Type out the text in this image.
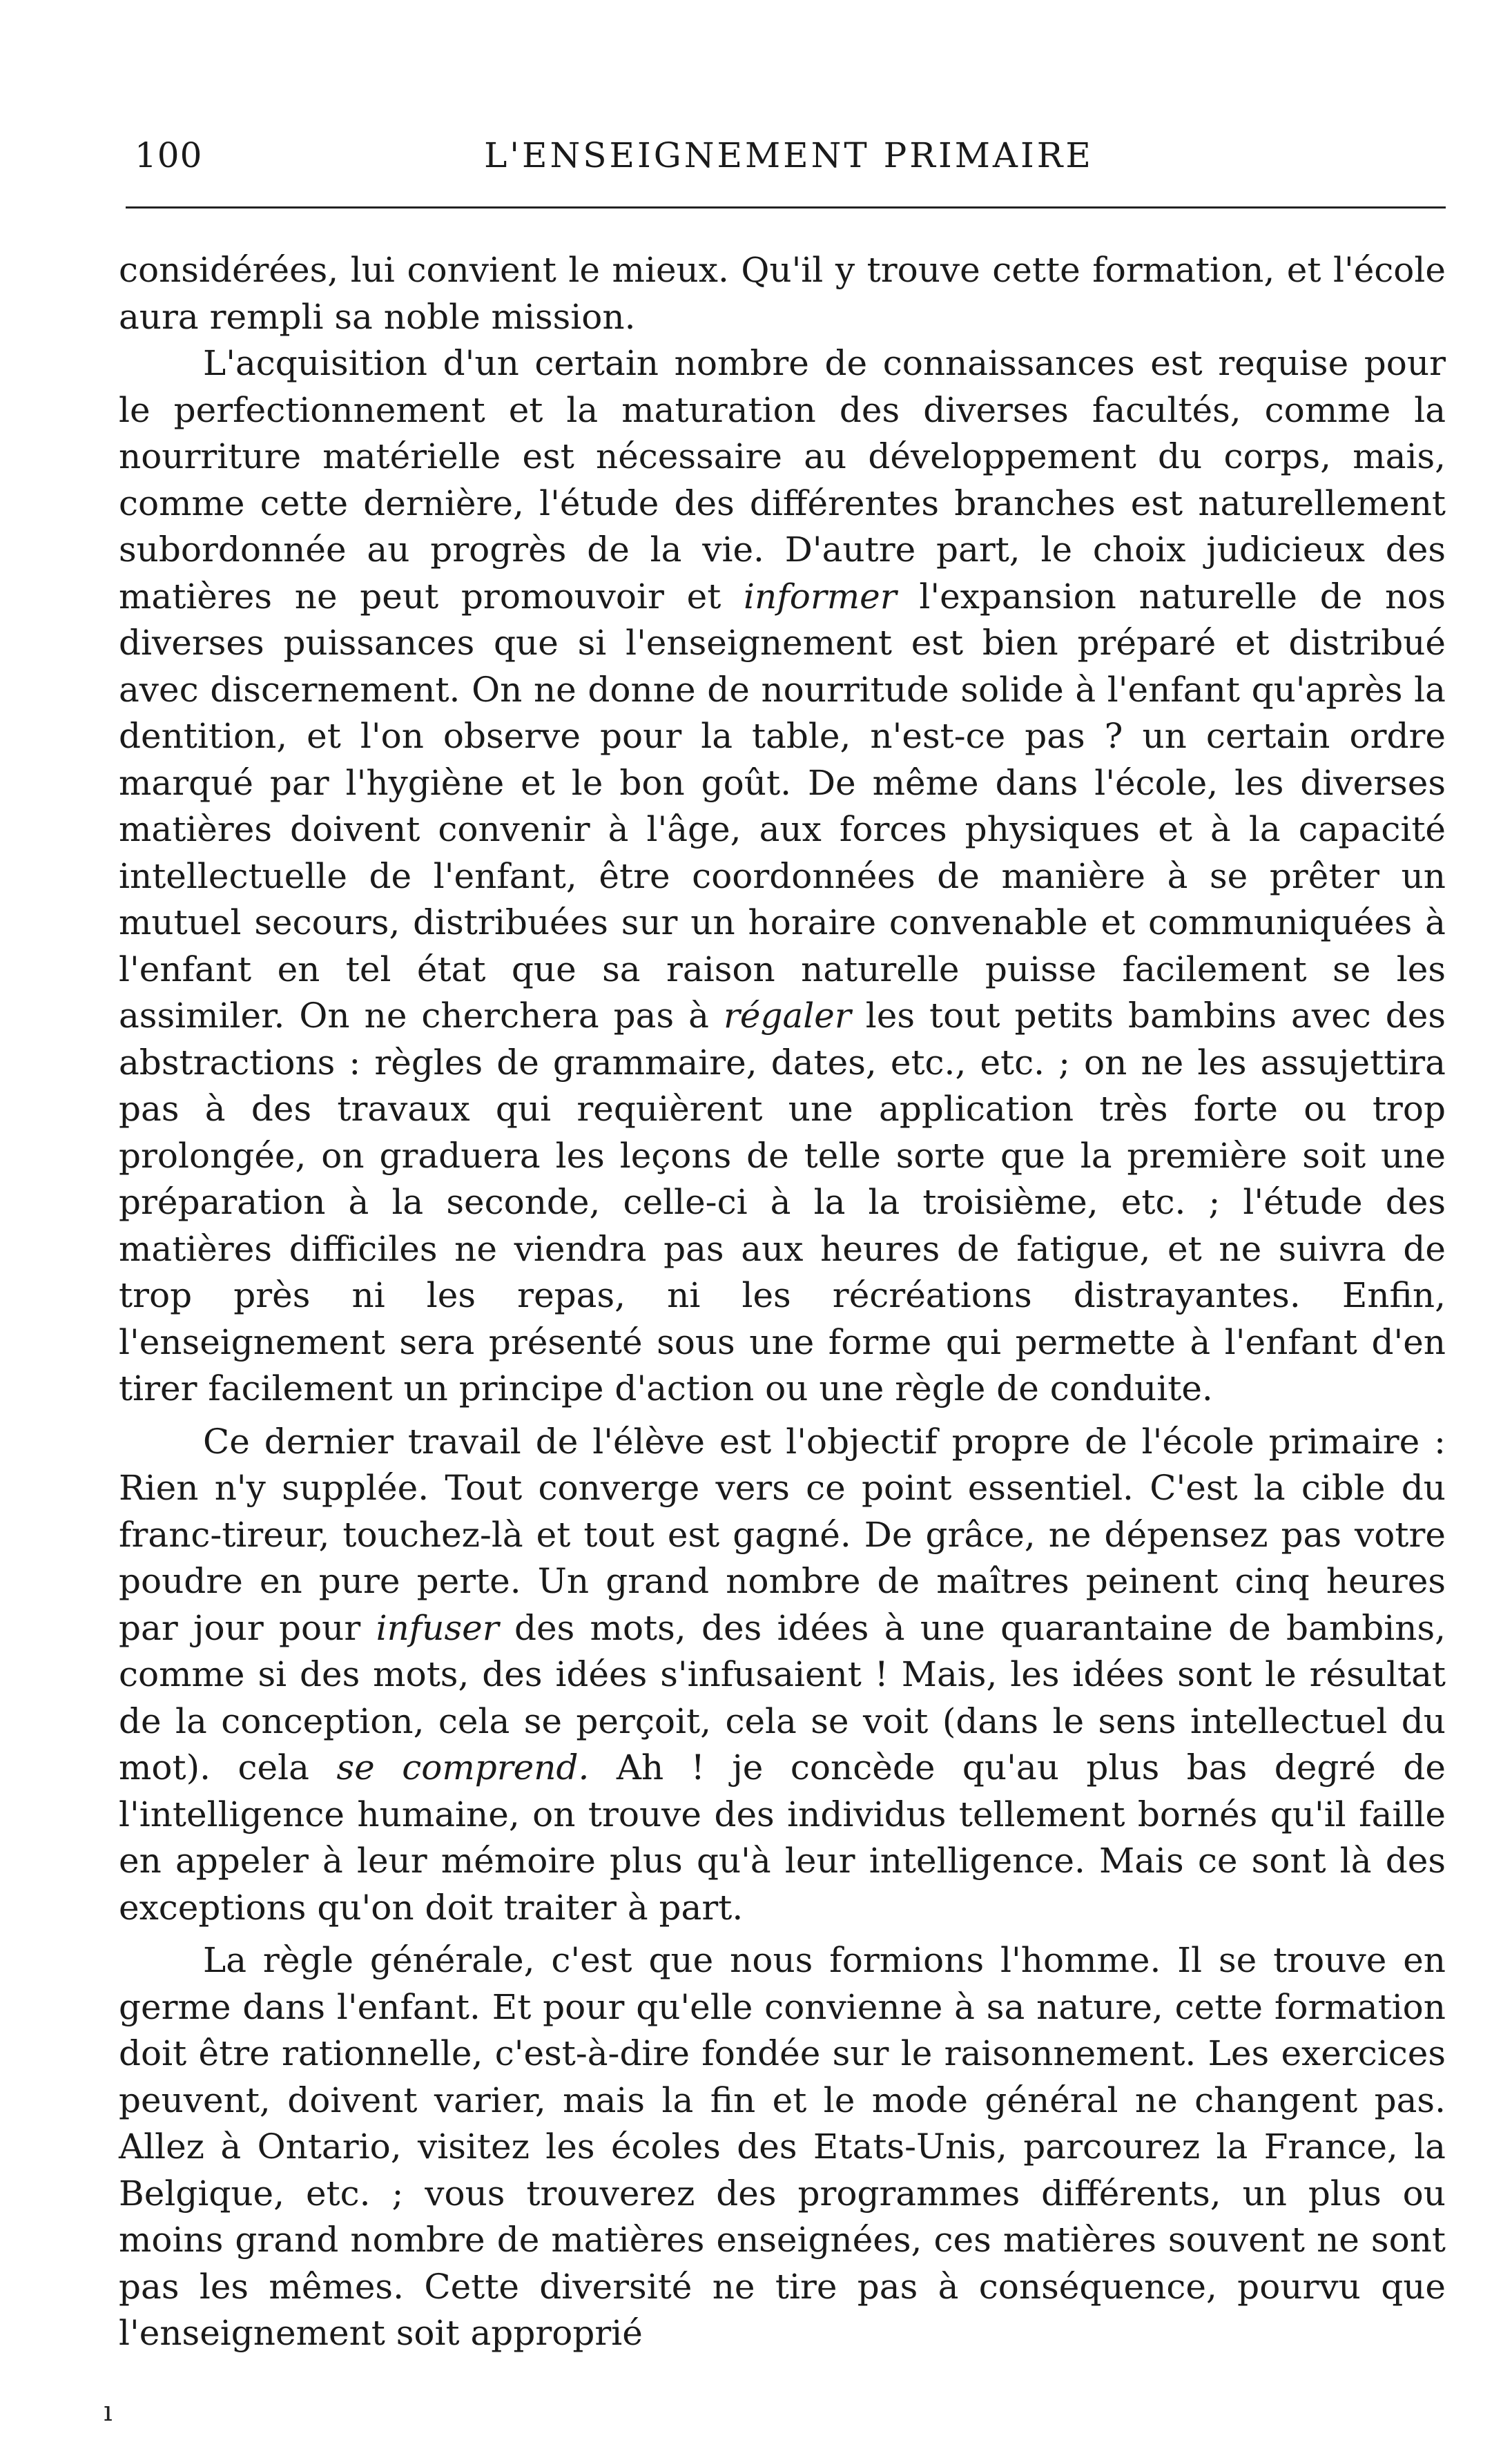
100	L'ENSEIGNEMENT PRIMAIRE

considérées, lui convient le mieux. Qu'il y trouve cette formation, et l'école aura rempli sa noble mission.

L'acquisition d'un certain nombre de connaissances est requise pour le perfectionnement et la maturation des diverses facultés, comme la nourriture matérielle est nécessaire au développement du corps, mais, comme cette dernière, l'étude des différentes branches est naturellement subordonnée au progrès de la vie. D'autre part, le choix judicieux des matières ne peut promouvoir et informer l'expansion naturelle de nos diverses puissances que si l'enseignement est bien préparé et distribué avec discernement. On ne donne de nourritude solide à l'enfant qu'après la dentition, et l'on observe pour la table, n'est-ce pas ? un certain ordre marqué par l'hygiène et le bon goût. De même dans l'école, les diverses matières doivent convenir à l'âge, aux forces physiques et à la capacité intellectuelle de l'enfant, être coordonnées de manière à se prêter un mutuel secours, distribuées sur un horaire convenable et communiquées à l'enfant en tel état que sa raison naturelle puisse facilement se les assimiler. On ne cherchera pas à régaler les tout petits bambins avec des abstractions : règles de grammaire, dates, etc., etc. ; on ne les assujettira pas à des travaux qui requièrent une application très forte ou trop prolongée, on graduera les leçons de telle sorte que la première soit une préparation à la seconde, celle-ci à la la troisième, etc. ; l'étude des matières difficiles ne viendra pas aux heures de fatigue, et ne suivra de trop près ni les repas, ni les récréations distrayantes. Enfin, l'enseignement sera présenté sous une forme qui permette à l'enfant d'en tirer facilement un principe d'action ou une règle de conduite.

Ce dernier travail de l'élève est l'objectif propre de l'école primaire : Rien n'y supplée. Tout converge vers ce point essentiel. C'est la cible du franc-tireur, touchez-là et tout est gagné. De grâce, ne dépensez pas votre poudre en pure perte. Un grand nombre de maîtres peinent cinq heures par jour pour infuser des mots, des idées à une quarantaine de bambins, comme si des mots, des idées s'infusaient ! Mais, les idées sont le résultat de la conception, cela se perçoit, cela se voit (dans le sens intellectuel du mot). cela se comprend. Ah ! je concède qu'au plus bas degré de l'intelligence humaine, on trouve des individus tellement bornés qu'il faille en appeler à leur mémoire plus qu'à leur intelligence. Mais ce sont là des exceptions qu'on doit traiter à part.

La règle générale, c'est que nous formions l'homme. Il se trouve en germe dans l'enfant. Et pour qu'elle convienne à sa nature, cette formation doit être rationnelle, c'est-à-dire fondée sur le raisonnement. Les exercices peuvent, doivent varier, mais la fin et le mode général ne changent pas. Allez à Ontario, visitez les écoles des Etats-Unis, parcourez la France, la Belgique, etc. ; vous trouverez des programmes différents, un plus ou moins grand nombre de matières enseignées, ces matières souvent ne sont pas les mêmes. Cette diversité ne tire pas à conséquence, pourvu que l'enseignement soit approprié

ı
